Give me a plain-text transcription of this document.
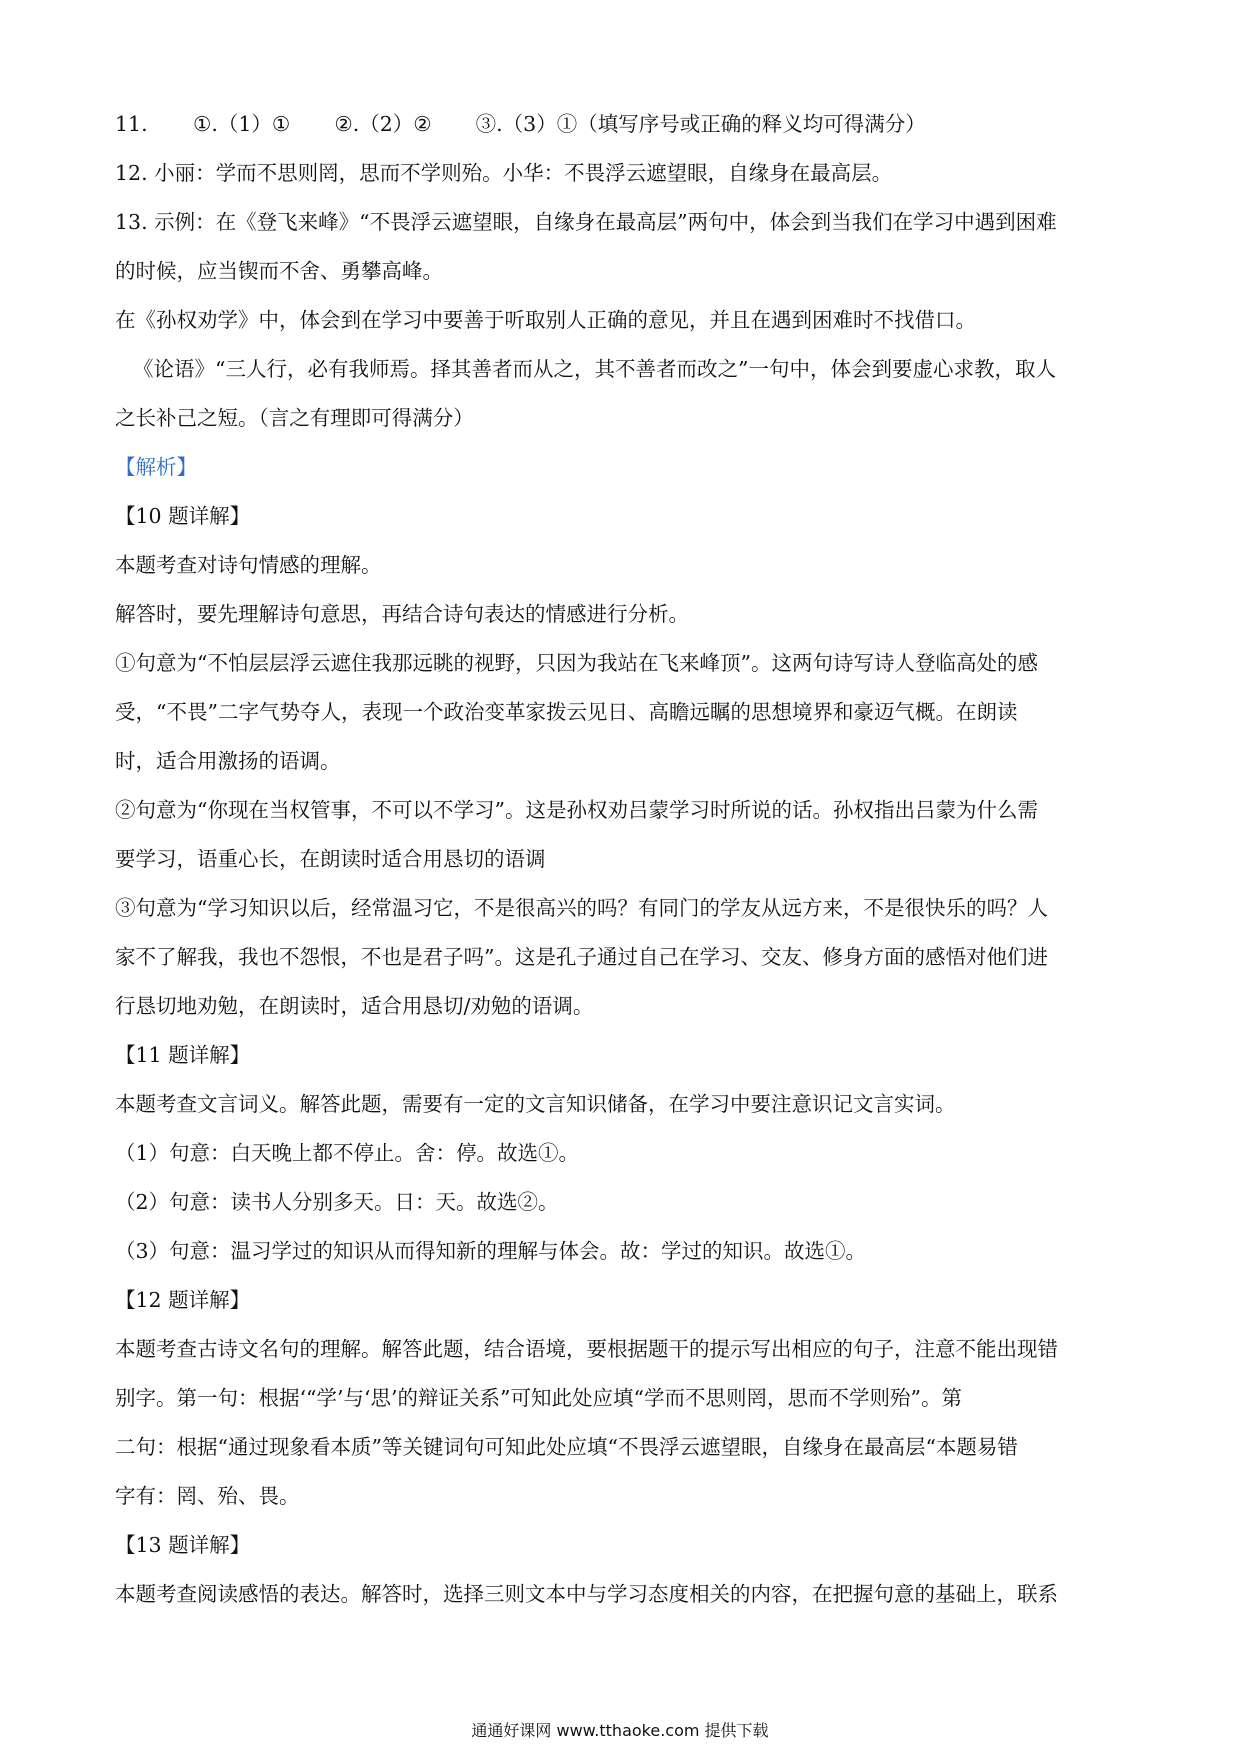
11. ①.（1）① ②.（2）② ③.（3）①（填写序号或正确的释义均可得满分）
12. 小丽：学而不思则罔，思而不学则殆。小华：不畏浮云遮望眼，自缘身在最高层。
13. 示例：在《登飞来峰》“不畏浮云遮望眼，自缘身在最高层”两句中，体会到当我们在学习中遇到困难
的时候，应当锲而不舍、勇攀高峰。
在《孙权劝学》中，体会到在学习中要善于听取别人正确的意见，并且在遇到困难时不找借口。
《论语》“三人行，必有我师焉。择其善者而从之，其不善者而改之”一句中，体会到要虚心求教，取人
之长补己之短。（言之有理即可得满分）
【解析】
【10 题详解】
本题考查对诗句情感的理解。
解答时，要先理解诗句意思，再结合诗句表达的情感进行分析。
①句意为“不怕层层浮云遮住我那远眺的视野，只因为我站在飞来峰顶”。这两句诗写诗人登临高处的感
受，“不畏”二字气势夺人，表现一个政治变革家拨云见日、高瞻远瞩的思想境界和豪迈气概。在朗读
时，适合用激扬的语调。
②句意为“你现在当权管事，不可以不学习”。这是孙权劝吕蒙学习时所说的话。孙权指出吕蒙为什么需
要学习，语重心长，在朗读时适合用恳切的语调
③句意为“学习知识以后，经常温习它，不是很高兴的吗？有同门的学友从远方来，不是很快乐的吗？人
家不了解我，我也不怨恨，不也是君子吗”。这是孔子通过自己在学习、交友、修身方面的感悟对他们进
行恳切地劝勉，在朗读时，适合用恳切/劝勉的语调。
【11 题详解】
本题考查文言词义。解答此题，需要有一定的文言知识储备，在学习中要注意识记文言实词。
（1）句意：白天晚上都不停止。舍：停。故选①。
（2）句意：读书人分别多天。日：天。故选②。
（3）句意：温习学过的知识从而得知新的理解与体会。故：学过的知识。故选①。
【12 题详解】
本题考查古诗文名句的理解。解答此题，结合语境，要根据题干的提示写出相应的句子，注意不能出现错
别字。第一句：根据‘“学’与‘思’的辩证关系”可知此处应填“学而不思则罔，思而不学则殆”。第
二句：根据“通过现象看本质”等关键词句可知此处应填“不畏浮云遮望眼，自缘身在最高层“本题易错
字有：罔、殆、畏。
【13 题详解】
本题考查阅读感悟的表达。解答时，选择三则文本中与学习态度相关的内容，在把握句意的基础上，联系
通通好课网 www.tthaoke.com 提供下载
